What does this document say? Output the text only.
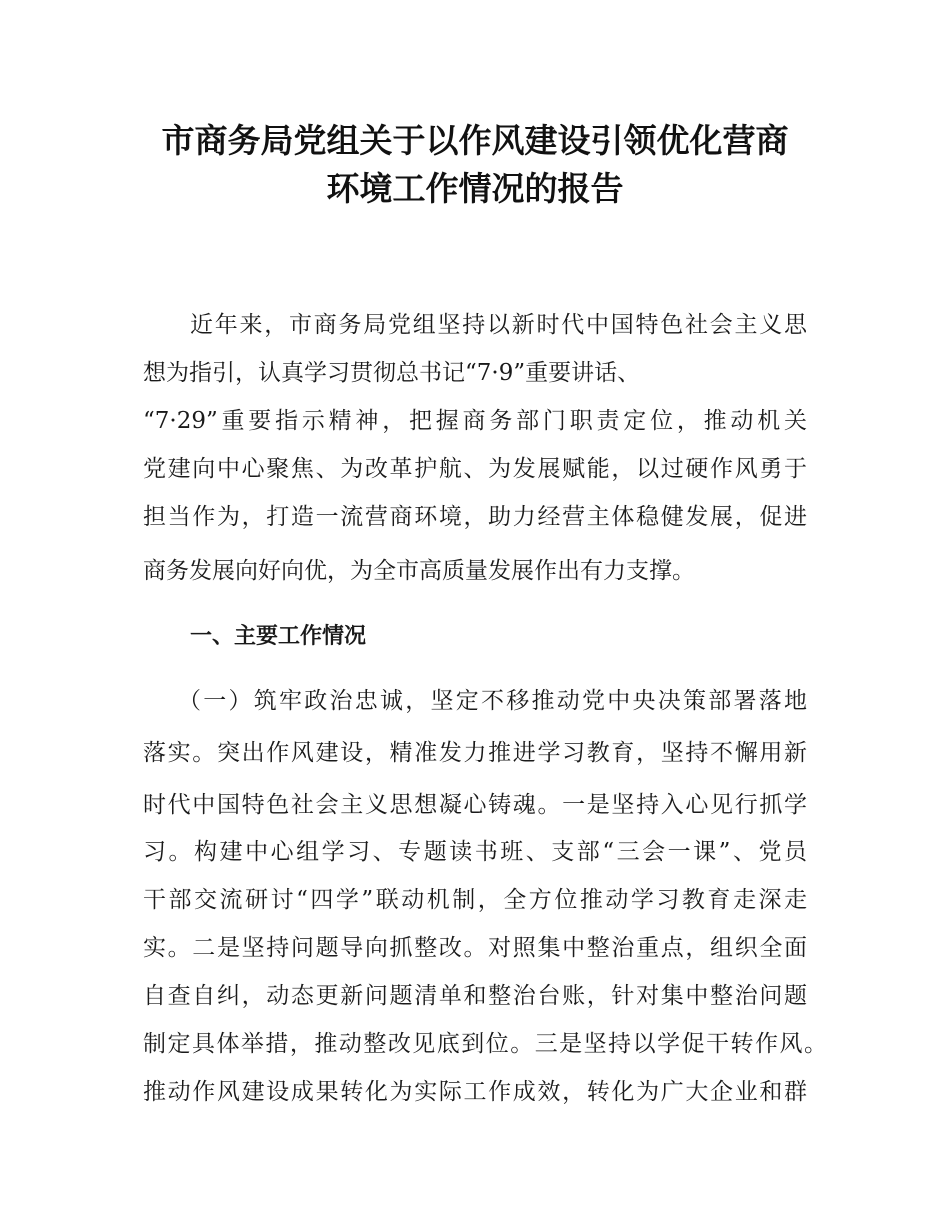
市商务局党组关于以作风建设引领优化营商
环境工作情况的报告
近年来，市商务局党组坚持以新时代中国特色社会主义思
想为指引，认真学习贯彻总书记“7·9”重要讲话、
“7·29”重要指示精神，把握商务部门职责定位，推动机关
党建向中心聚焦、为改革护航、为发展赋能，以过硬作风勇于
担当作为，打造一流营商环境，助力经营主体稳健发展，促进
商务发展向好向优，为全市高质量发展作出有力支撑。
一、主要工作情况
（一）筑牢政治忠诚，坚定不移推动党中央决策部署落地
落实。突出作风建设，精准发力推进学习教育，坚持不懈用新
时代中国特色社会主义思想凝心铸魂。一是坚持入心见行抓学
习。构建中心组学习、专题读书班、支部“三会一课”、党员
干部交流研讨“四学”联动机制，全方位推动学习教育走深走
实。二是坚持问题导向抓整改。对照集中整治重点，组织全面
自查自纠，动态更新问题清单和整治台账，针对集中整治问题
制定具体举措，推动整改见底到位。三是坚持以学促干转作风。
推动作风建设成果转化为实际工作成效，转化为广大企业和群
